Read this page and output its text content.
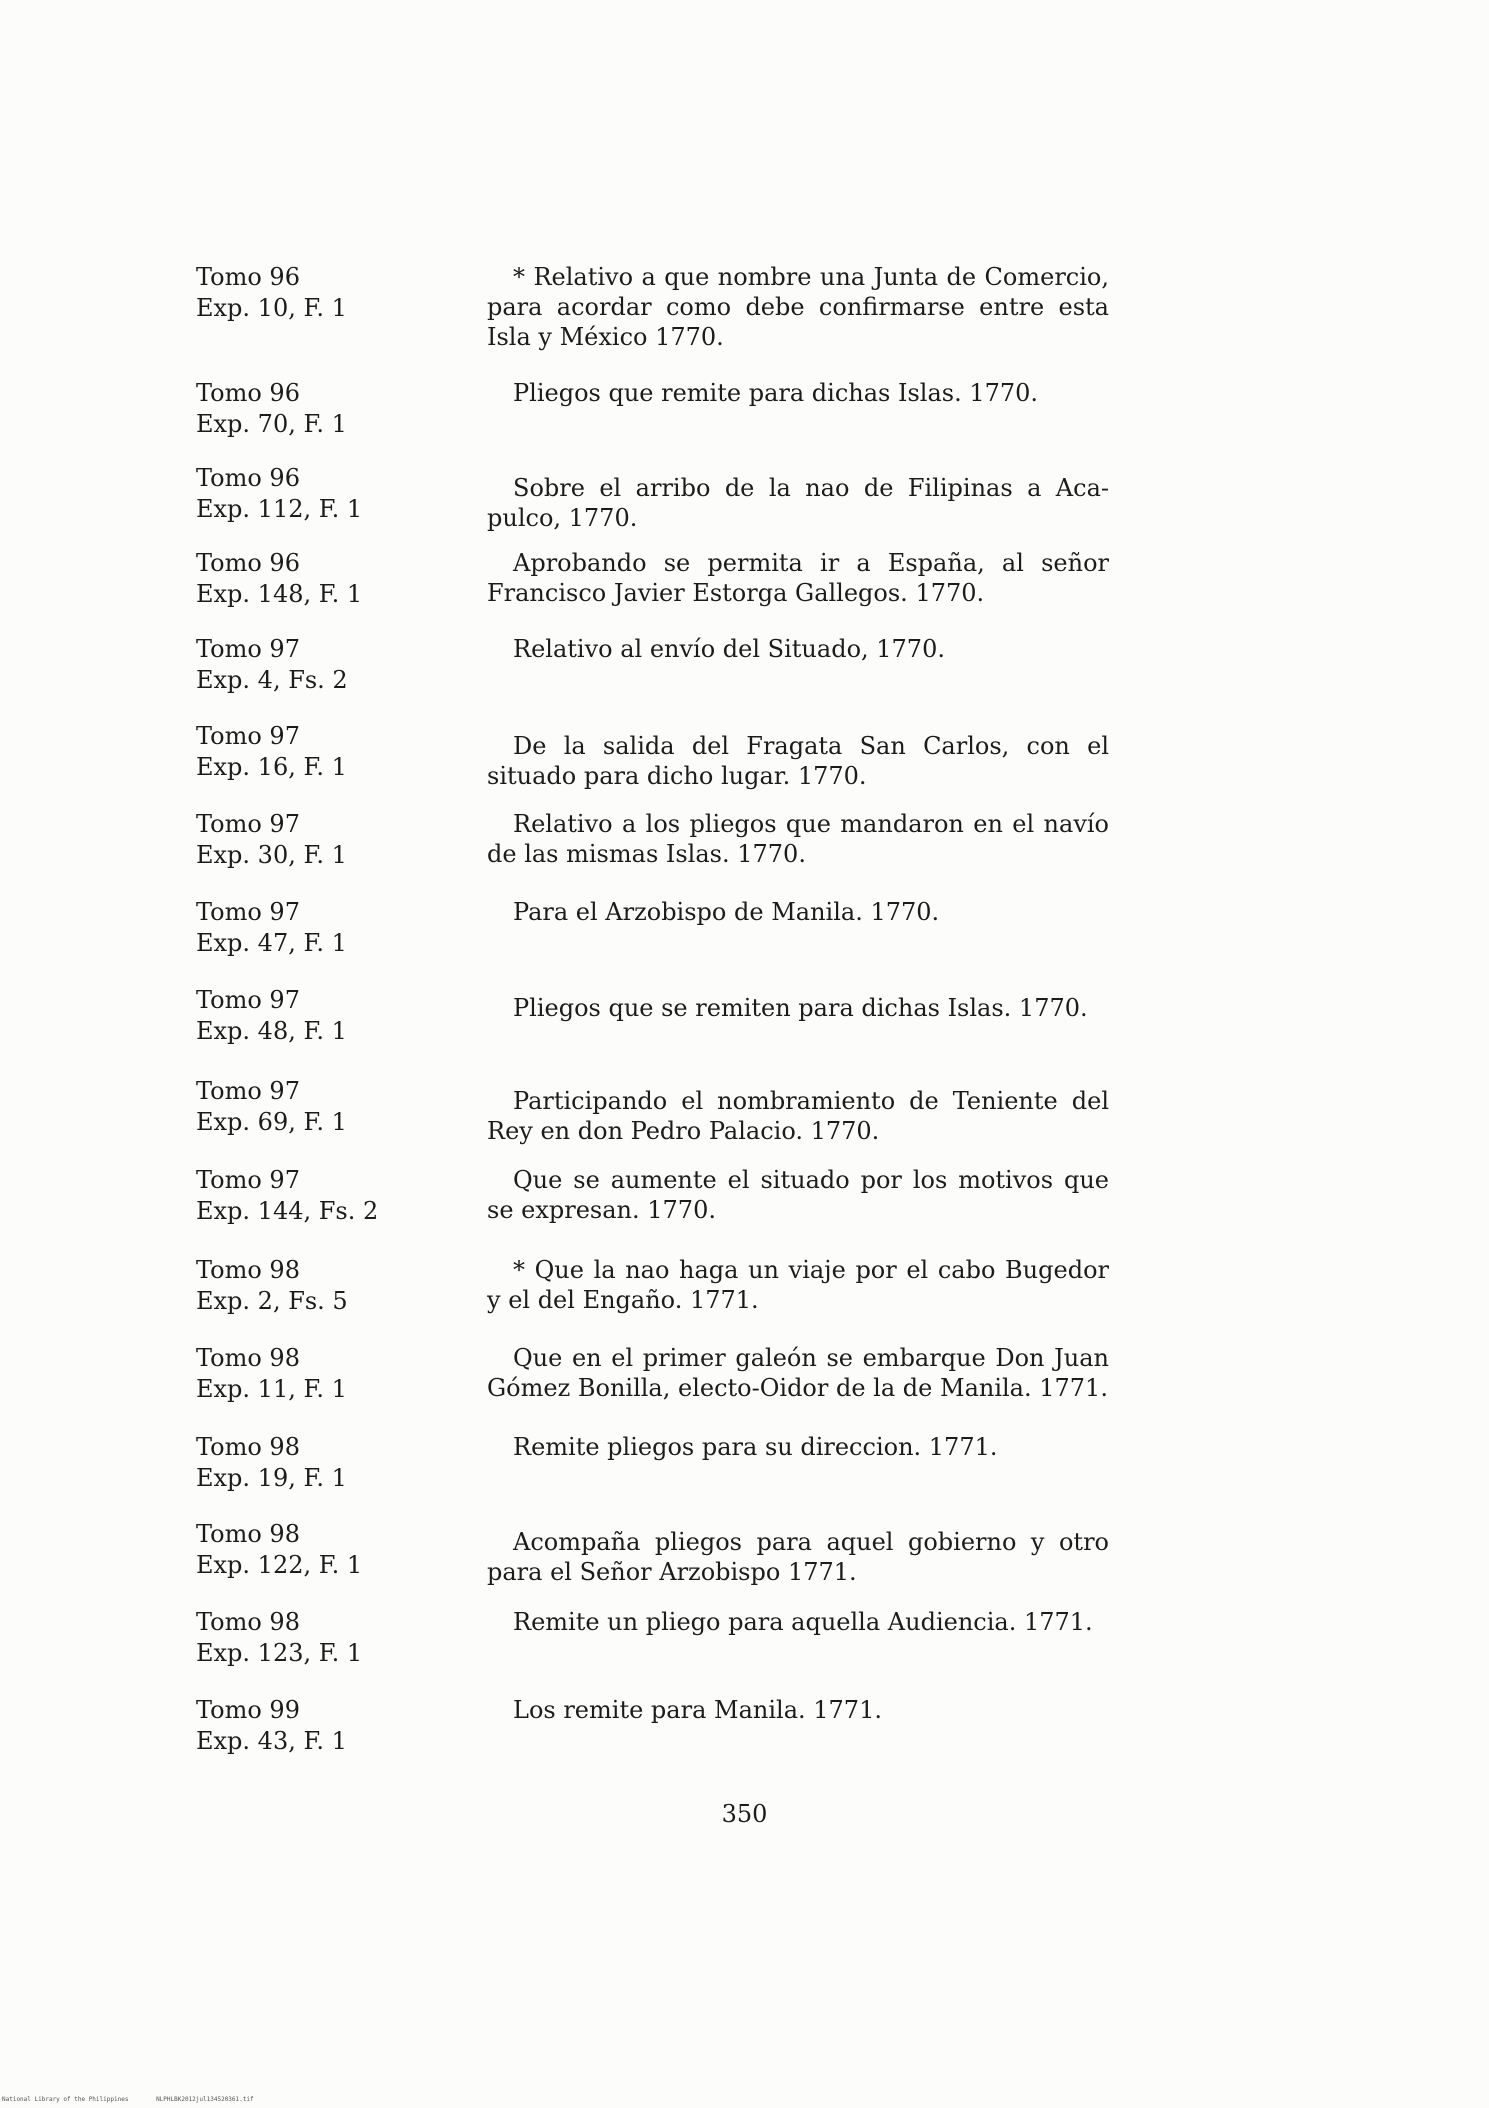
Tomo 96
Exp. 10, F. 1
* Relativo a que nombre una Junta de Comercio,
para acordar como debe confirmarse entre esta
Isla y México 1770.
Tomo 96
Exp. 70, F. 1
Pliegos que remite para dichas Islas. 1770.
Tomo 96
Exp. 112, F. 1
Sobre el arribo de la nao de Filipinas a Aca-
pulco, 1770.
Tomo 96
Exp. 148, F. 1
Aprobando se permita ir a España, al señor
Francisco Javier Estorga Gallegos. 1770.
Tomo 97
Exp. 4, Fs. 2
Relativo al envío del Situado, 1770.
Tomo 97
Exp. 16, F. 1
De la salida del Fragata San Carlos, con el
situado para dicho lugar. 1770.
Tomo 97
Exp. 30, F. 1
Relativo a los pliegos que mandaron en el navío
de las mismas Islas. 1770.
Tomo 97
Exp. 47, F. 1
Para el Arzobispo de Manila. 1770.
Tomo 97
Exp. 48, F. 1
Pliegos que se remiten para dichas Islas. 1770.
Tomo 97
Exp. 69, F. 1
Participando el nombramiento de Teniente del
Rey en don Pedro Palacio. 1770.
Tomo 97
Exp. 144, Fs. 2
Que se aumente el situado por los motivos que
se expresan. 1770.
Tomo 98
Exp. 2, Fs. 5
* Que la nao haga un viaje por el cabo Bugedor
y el del Engaño. 1771.
Tomo 98
Exp. 11, F. 1
Que en el primer galeón se embarque Don Juan
Gómez Bonilla, electo-Oidor de la de Manila. 1771.
Tomo 98
Exp. 19, F. 1
Remite pliegos para su direccion. 1771.
Tomo 98
Exp. 122, F. 1
Acompaña pliegos para aquel gobierno y otro
para el Señor Arzobispo 1771.
Tomo 98
Exp. 123, F. 1
Remite un pliego para aquella Audiencia. 1771.
Tomo 99
Exp. 43, F. 1
Los remite para Manila. 1771.
350
National Library of the Philippines	NLPHLBK2012jul134520361.tif
